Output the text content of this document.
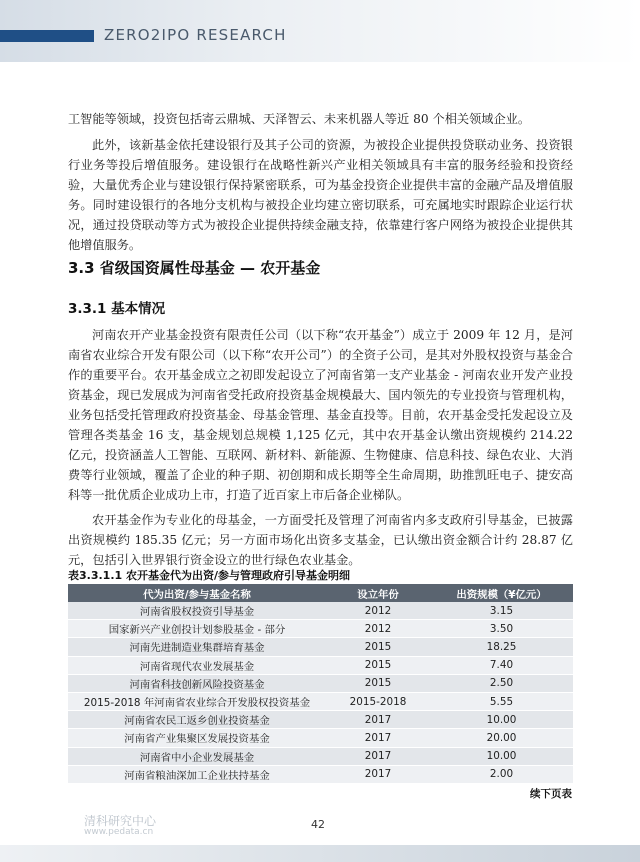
ZERO2IPO RESEARCH

工智能等领域，投资包括寄云鼎城、天泽智云、未来机器人等近 80 个相关领域企业。

此外，该新基金依托建设银行及其子公司的资源，为被投企业提供投贷联动业务、投资银行业务等投后增值服务。建设银行在战略性新兴产业相关领域具有丰富的服务经验和投资经验，大量优秀企业与建设银行保持紧密联系，可为基金投资企业提供丰富的金融产品及增值服务。同时建设银行的各地分支机构与被投企业均建立密切联系，可充属地实时跟踪企业运行状况，通过投贷联动等方式为被投企业提供持续金融支持，依靠建行客户网络为被投企业提供其他增值服务。

3.3 省级国资属性母基金 — 农开基金
3.3.1 基本情况

河南农开产业基金投资有限责任公司（以下称“农开基金”）成立于 2009 年 12 月，是河南省农业综合开发有限公司（以下称“农开公司”）的全资子公司，是其对外股权投资与基金合作的重要平台。农开基金成立之初即发起设立了河南省第一支产业基金 - 河南农业开发产业投资基金，现已发展成为河南省受托政府投资基金规模最大、国内领先的专业投资与管理机构，业务包括受托管理政府投资基金、母基金管理、基金直投等。目前，农开基金受托发起设立及管理各类基金 16 支，基金规划总规模 1,125 亿元，其中农开基金认缴出资规模约 214.22 亿元，投资涵盖人工智能、互联网、新材料、新能源、生物健康、信息科技、绿色农业、大消费等行业领域，覆盖了企业的种子期、初创期和成长期等全生命周期，助推凯旺电子、捷安高科等一批优质企业成功上市，打造了近百家上市后备企业梯队。

农开基金作为专业化的母基金，一方面受托及管理了河南省内多支政府引导基金，已披露出资规模约 185.35 亿元；另一方面市场化出资多支基金，已认缴出资金额合计约 28.87 亿元，包括引入世界银行资金设立的世行绿色农业基金。

表3.3.1.1 农开基金代为出资/参与管理政府引导基金明细
代为出资/参与基金名称	设立年份	出资规模（¥亿元）
河南省股权投资引导基金	2012	3.15
国家新兴产业创投计划参股基金 - 部分	2012	3.50
河南先进制造业集群培育基金	2015	18.25
河南省现代农业发展基金	2015	7.40
河南省科技创新风险投资基金	2015	2.50
2015-2018 年河南省农业综合开发股权投资基金	2015-2018	5.55
河南省农民工返乡创业投资基金	2017	10.00
河南省产业集聚区发展投资基金	2017	20.00
河南省中小企业发展基金	2017	10.00
河南省粮油深加工企业扶持基金	2017	2.00
续下页表
清科研究中心
www.pedata.cn
42
